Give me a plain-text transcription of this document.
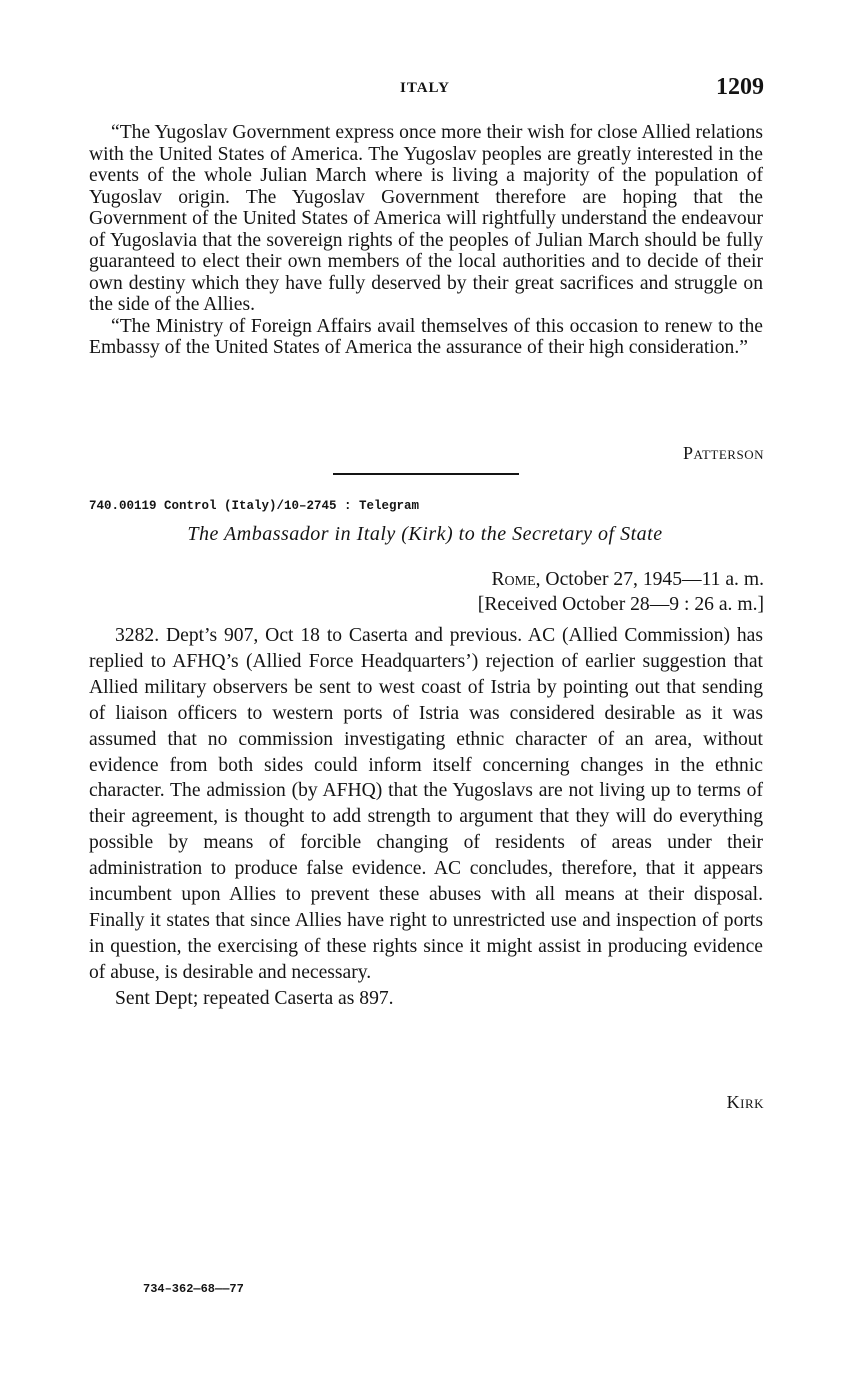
ITALY	1209

“The Yugoslav Government express once more their wish for close Allied relations with the United States of America. The Yugoslav peoples are greatly interested in the events of the whole Julian March where is living a majority of the population of Yugoslav origin. The Yugoslav Government therefore are hoping that the Government of the United States of America will rightfully understand the endeavour of Yugoslavia that the sovereign rights of the peoples of Julian March should be fully guaranteed to elect their own members of the local authorities and to decide of their own destiny which they have fully deserved by their great sacrifices and struggle on the side of the Allies.

“The Ministry of Foreign Affairs avail themselves of this occasion to renew to the Embassy of the United States of America the assurance of their high consideration.”

Patterson
740.00119 Control (Italy)/10–2745 : Telegram
The Ambassador in Italy (Kirk) to the Secretary of State
Rome, October 27, 1945—11 a. m.
[Received October 28—9 : 26 a. m.]

3282. Dept’s 907, Oct 18 to Caserta and previous. AC (Allied Commission) has replied to AFHQ’s (Allied Force Headquarters’) rejection of earlier suggestion that Allied military observers be sent to west coast of Istria by pointing out that sending of liaison officers to western ports of Istria was considered desirable as it was assumed that no commission investigating ethnic character of an area, without evidence from both sides could inform itself concerning changes in the ethnic character. The admission (by AFHQ) that the Yugoslavs are not living up to terms of their agreement, is thought to add strength to argument that they will do everything possible by means of forcible changing of residents of areas under their administration to produce false evidence. AC concludes, therefore, that it appears incumbent upon Allies to prevent these abuses with all means at their disposal. Finally it states that since Allies have right to unrestricted use and inspection of ports in question, the exercising of these rights since it might assist in producing evidence of abuse, is desirable and necessary.

Sent Dept; repeated Caserta as 897.

Kirk
734–362—68——77
